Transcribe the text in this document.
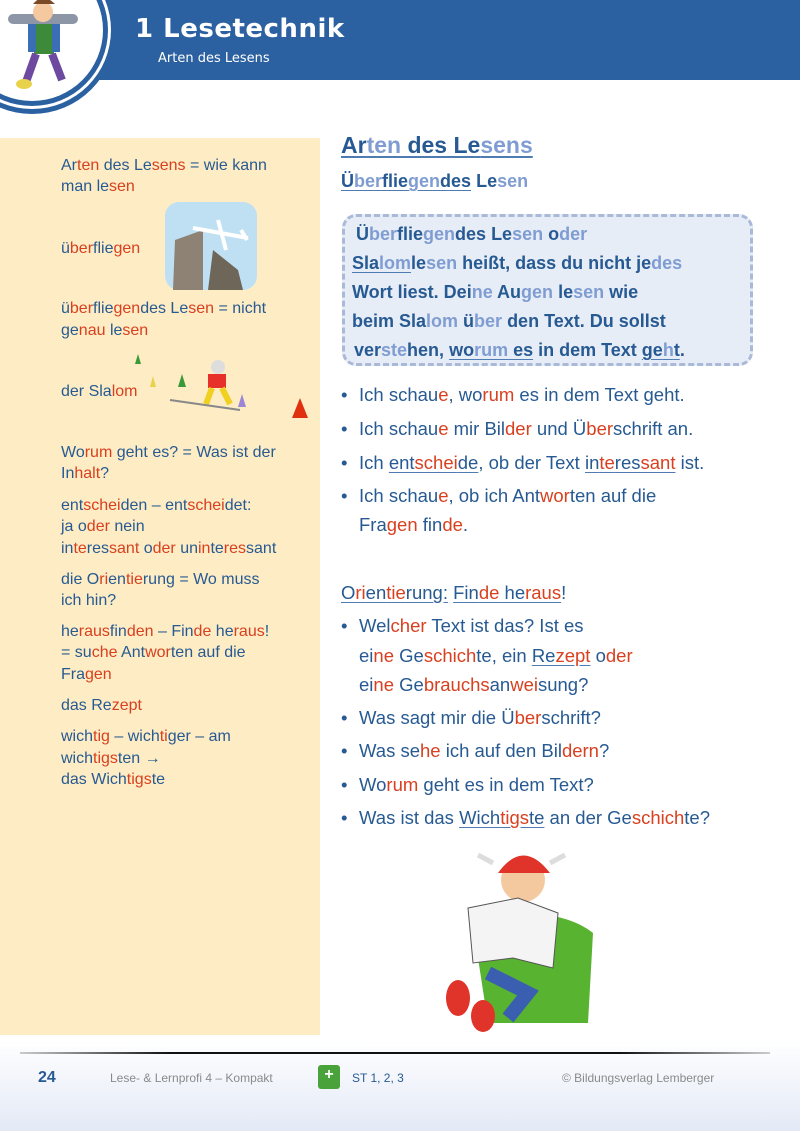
1 Lesetechnik
Arten des Lesens
Arten des Lesens = wie kann
man lesen
überfliegen
überfliegendes Lesen = nicht
genau lesen
der Slalom
Worum geht es? = Was ist der
Inhalt?
entscheiden – entscheidet:
ja oder nein
interessant oder uninteressant
die Orientierung = Wo muss
ich hin?
herausfinden – Finde heraus!
= suche Antworten auf die
Fragen
das Rezept
wichtig – wichtiger – am
wichtigsten →
das Wichtigste
Arten des Lesens
Überfliegendes Lesen
Überfliegendes Lesen oder
Slalomlesen heißt, dass du nicht jedes
Wort liest. Deine Augen lesen wie
beim Slalom über den Text. Du sollst
verstehen, worum es in dem Text geht.
• Ich schaue, worum es in dem Text geht.
• Ich schaue mir Bilder und Überschrift an.
• Ich entscheide, ob der Text interessant ist.
• Ich schaue, ob ich Antworten auf die
Fragen finde.
Orientierung: Finde heraus!
• Welcher Text ist das? Ist es
eine Geschichte, ein Rezept oder
eine Gebrauchsanweisung?
• Was sagt mir die Überschrift?
• Was sehe ich auf den Bildern?
• Worum geht es in dem Text?
• Was ist das Wichtigste an der Geschichte?
24	Lese- & Lernprofi 4 – Kompakt	+	ST 1, 2, 3	© Bildungsverlag Lemberger
